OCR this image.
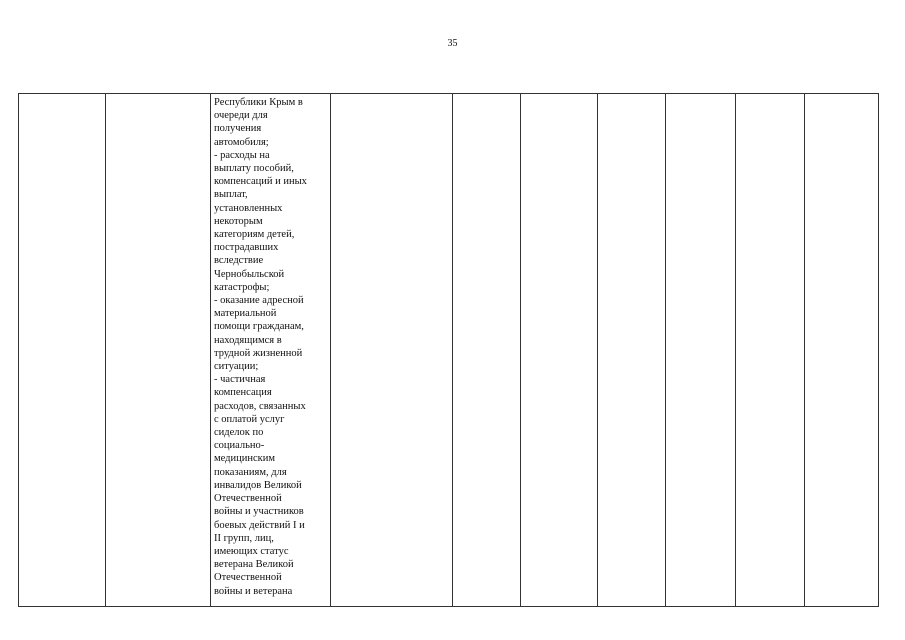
35

Республики Крым в
очереди для
получения
автомобиля;
- расходы на
выплату пособий,
компенсаций и иных
выплат,
установленных
некоторым
категориям детей,
пострадавших
вследствие
Чернобыльской
катастрофы;
- оказание адресной
материальной
помощи гражданам,
находящимся в
трудной жизненной
ситуации;
- частичная
компенсация
расходов, связанных
с оплатой услуг
сиделок по
социально-
медицинским
показаниям, для
инвалидов Великой
Отечественной
войны и участников
боевых действий I и
II групп, лиц,
имеющих статус
ветерана Великой
Отечественной
войны и ветерана
